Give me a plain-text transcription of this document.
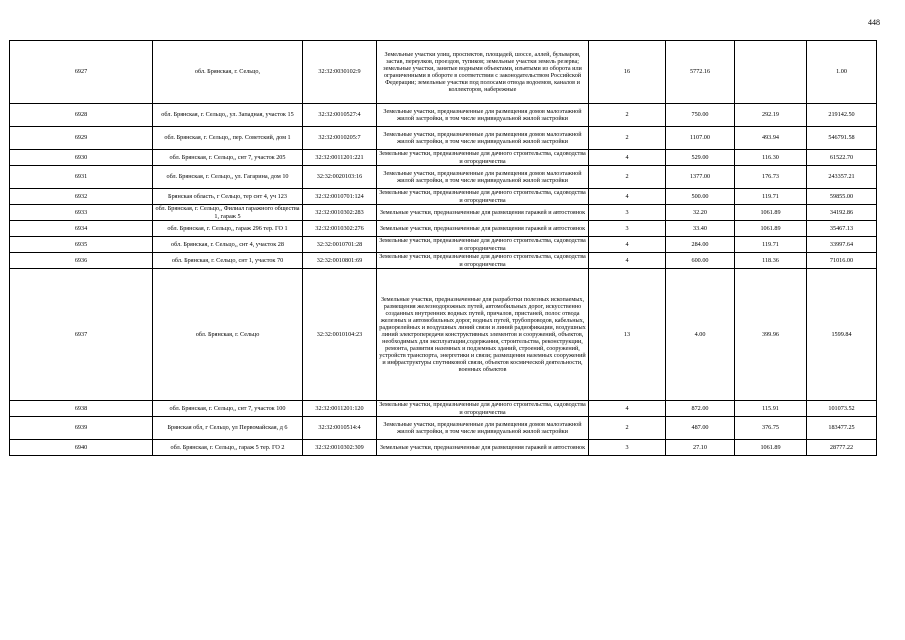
448
6927	обл. Брянская, г. Сельцо,	32:32:0030102:9	Земельные участки улиц, проспектов, площадей, шоссе, аллей, бульваров, застав, переулков, проездов, тупиков; земельные участки земель резерва; земельные участки, занятые водными объектами, изъятыми из оборота или ограниченными в обороте в соответствии с законодательством Российской Федерации; земельные участки под полосами отвода водоемов, каналов и коллекторов, набережные	16	5772.16		1.00
6928	обл. Брянская, г. Сельцо,, ул. Западная, участок 15	32:32:0010527:4	Земельные участки, предназначенные для размещения домов малоэтажной жилой застройки, в том числе индивидуальной жилой застройки	2	750.00	292.19	219142.50
6929	обл. Брянская, г. Сельцо,, пер. Советский, дом 1	32:32:0010205:7	Земельные участки, предназначенные для размещения домов малоэтажной жилой застройки, в том числе индивидуальной жилой застройки	2	1107.00	493.94	546791.58
6930	обл. Брянская, г. Сельцо,, снт 7, участок 205	32:32:0011201:221	Земельные участки, предназначенные для дачного строительства, садоводства и огородничества	4	529.00	116.30	61522.70
6931	обл. Брянская, г. Сельцо,, ул. Гагарина, дом 10	32:32:0020103:16	Земельные участки, предназначенные для размещения домов малоэтажной жилой застройки, в том числе индивидуальной жилой застройки	2	1377.00	176.73	243357.21
6932	Брянская область, г Сельцо, тер снт 4, уч 123	32:32:0010701:124	Земельные участки, предназначенные для дачного строительства, садоводства и огородничества	4	500.00	119.71	59855.00
6933	обл. Брянская, г. Сельцо,, Филиал гаражного общества 1, гараж 5	32:32:0010302:283	Земельные участки, предназначенные для размещения гаражей и автостоянок	3	32.20	1061.89	34192.86
6934	обл. Брянская, г. Сельцо,, гараж 296 тер. ГО 1	32:32:0010302:276	Земельные участки, предназначенные для размещения гаражей и автостоянок	3	33.40	1061.89	35467.13
6935	обл. Брянская, г. Сельцо,, снт 4, участок 28	32:32:0010701:28	Земельные участки, предназначенные для дачного строительства, садоводства и огородничества	4	284.00	119.71	33997.64
6936	обл. Брянская, г. Сельцо, снт 1, участок 70	32:32:0010801:69	Земельные участки, предназначенные для дачного строительства, садоводства и огородничества	4	600.00	118.36	71016.00
6937	обл. Брянская, г. Сельцо	32:32:0010104:23	Земельные участки, предназначенные для разработки полезных ископаемых, размещения железнодорожных путей, автомобильных дорог, искусственно созданных внутренних водных путей, причалов, пристаней, полос отвода железных и автомобильных дорог, водных путей, трубопроводов, кабельных, радиорелейных и воздушных линий связи и линий радиофикации, воздушных линий электропередачи конструктивных элементов и сооружений, объектов, необходимых для эксплуатации,содержания, строительства, реконструкции, ремонта, развития наземных и подземных зданий, строений, сооружений, устройств транспорта, энергетики и связи; размещения наземных сооружений и инфраструктуры спутниковой связи, объектов космической деятельности, военных объектов	13	4.00	399.96	1599.84
6938	обл. Брянская, г. Сельцо,, снт 7, участок 100	32:32:0011201:120	Земельные участки, предназначенные для дачного строительства, садоводства и огородничества	4	872.00	115.91	101073.52
6939	Брянская обл, г Сельцо, ул Первомайская, д 6	32:32:0010514:4	Земельные участки, предназначенные для размещения домов малоэтажной жилой застройки, в том числе индивидуальной жилой застройки	2	487.00	376.75	183477.25
6940	обл. Брянская, г. Сельцо,, гараж 5 тер. ГО 2	32:32:0010302:309	Земельные участки, предназначенные для размещения гаражей и автостоянок	3	27.10	1061.89	28777.22
